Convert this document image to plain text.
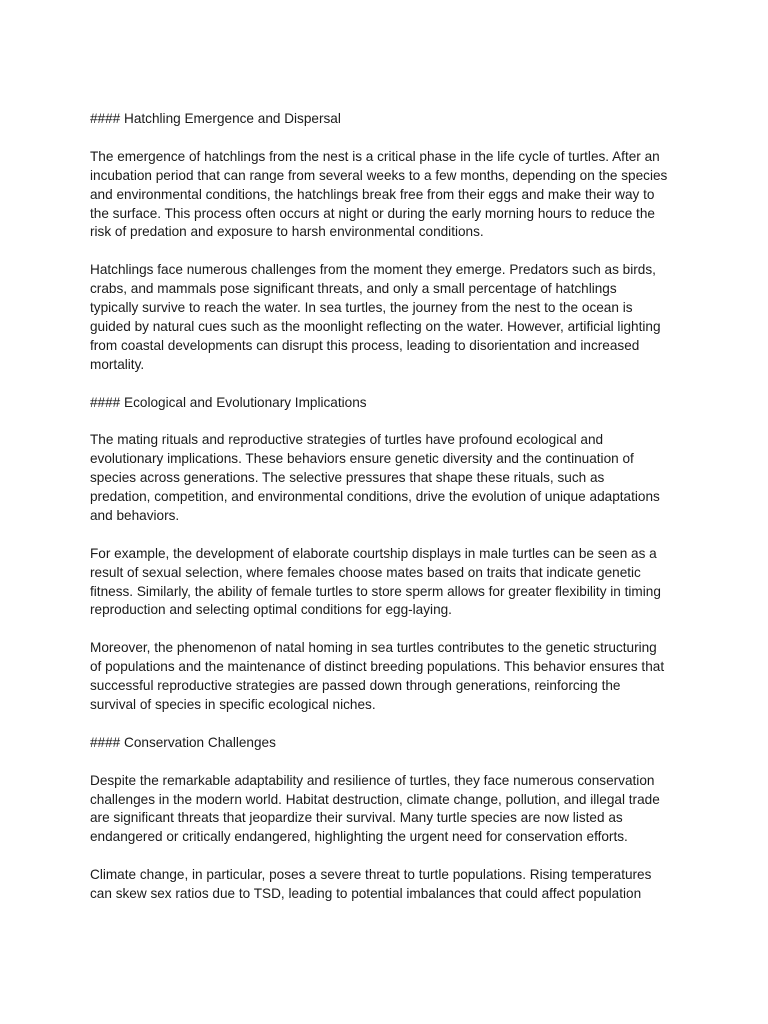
#### Hatchling Emergence and Dispersal
The emergence of hatchlings from the nest is a critical phase in the life cycle of turtles. After an
incubation period that can range from several weeks to a few months, depending on the species
and environmental conditions, the hatchlings break free from their eggs and make their way to
the surface. This process often occurs at night or during the early morning hours to reduce the
risk of predation and exposure to harsh environmental conditions.
Hatchlings face numerous challenges from the moment they emerge. Predators such as birds,
crabs, and mammals pose significant threats, and only a small percentage of hatchlings
typically survive to reach the water. In sea turtles, the journey from the nest to the ocean is
guided by natural cues such as the moonlight reflecting on the water. However, artificial lighting
from coastal developments can disrupt this process, leading to disorientation and increased
mortality.
#### Ecological and Evolutionary Implications
The mating rituals and reproductive strategies of turtles have profound ecological and
evolutionary implications. These behaviors ensure genetic diversity and the continuation of
species across generations. The selective pressures that shape these rituals, such as
predation, competition, and environmental conditions, drive the evolution of unique adaptations
and behaviors.
For example, the development of elaborate courtship displays in male turtles can be seen as a
result of sexual selection, where females choose mates based on traits that indicate genetic
fitness. Similarly, the ability of female turtles to store sperm allows for greater flexibility in timing
reproduction and selecting optimal conditions for egg-laying.
Moreover, the phenomenon of natal homing in sea turtles contributes to the genetic structuring
of populations and the maintenance of distinct breeding populations. This behavior ensures that
successful reproductive strategies are passed down through generations, reinforcing the
survival of species in specific ecological niches.
#### Conservation Challenges
Despite the remarkable adaptability and resilience of turtles, they face numerous conservation
challenges in the modern world. Habitat destruction, climate change, pollution, and illegal trade
are significant threats that jeopardize their survival. Many turtle species are now listed as
endangered or critically endangered, highlighting the urgent need for conservation efforts.
Climate change, in particular, poses a severe threat to turtle populations. Rising temperatures
can skew sex ratios due to TSD, leading to potential imbalances that could affect population
